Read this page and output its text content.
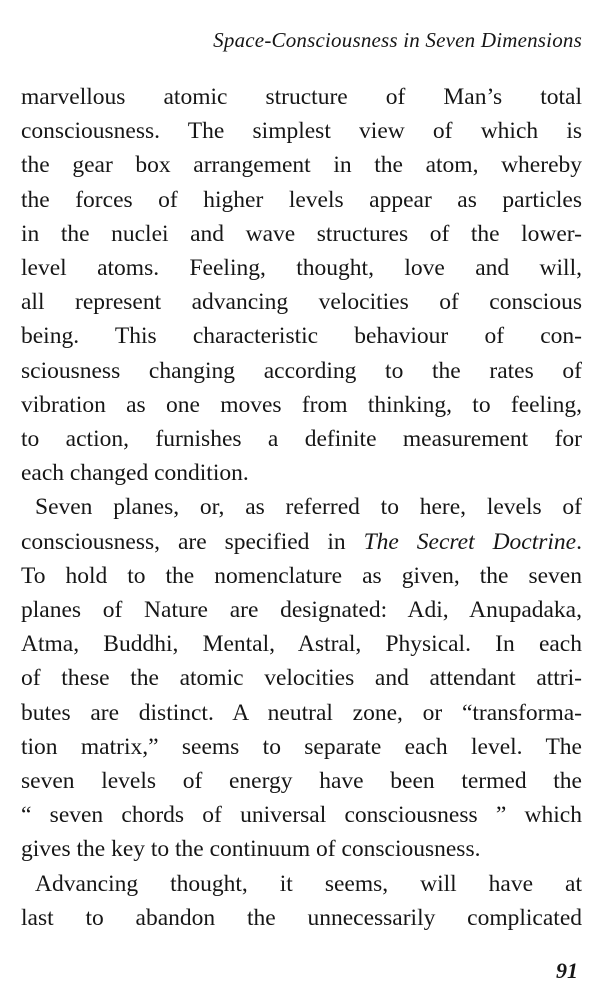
Space-Consciousness in Seven Dimensions
marvellous atomic structure of Man’s total
consciousness. The simplest view of which is
the gear box arrangement in the atom, whereby
the forces of higher levels appear as particles
in the nuclei and wave structures of the lower-
level atoms. Feeling, thought, love and will,
all represent advancing velocities of conscious
being. This characteristic behaviour of con-
sciousness changing according to the rates of
vibration as one moves from thinking, to feeling,
to action, furnishes a definite measurement for
each changed condition.
Seven planes, or, as referred to here, levels of
consciousness, are specified in The Secret Doctrine.
To hold to the nomenclature as given, the seven
planes of Nature are designated: Adi, Anupadaka,
Atma, Buddhi, Mental, Astral, Physical. In each
of these the atomic velocities and attendant attri-
butes are distinct. A neutral zone, or “transforma-
tion matrix,” seems to separate each level. The
seven levels of energy have been termed the
“ seven chords of universal consciousness ” which
gives the key to the continuum of consciousness.
Advancing thought, it seems, will have at
last to abandon the unnecessarily complicated
91
